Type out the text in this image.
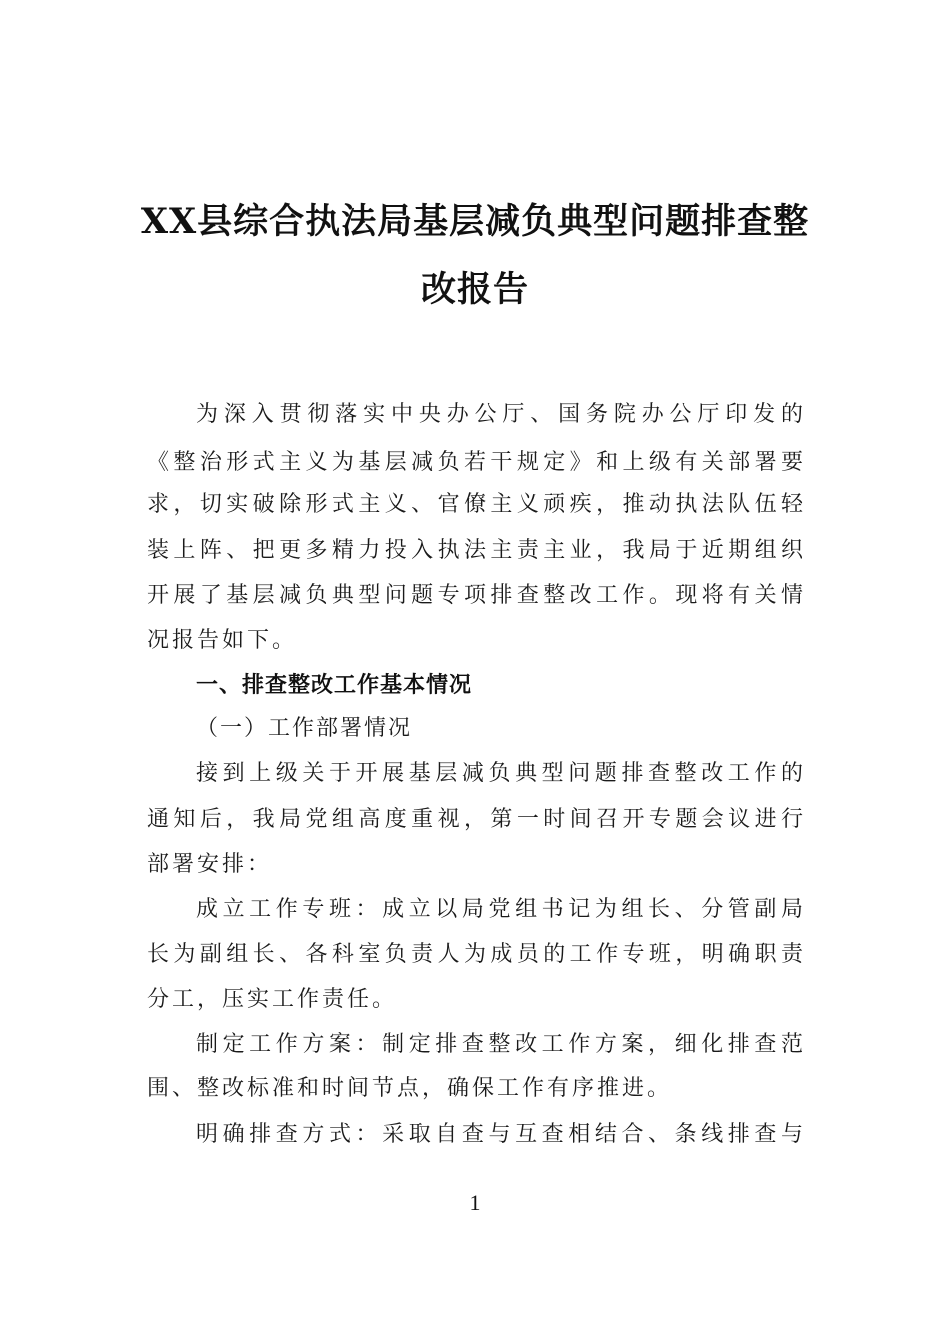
XX县综合执法局基层减负典型问题排查整
改报告
为深入贯彻落实中央办公厅、国务院办公厅印发的
《整治形式主义为基层减负若干规定》和上级有关部署要
求，切实破除形式主义、官僚主义顽疾，推动执法队伍轻
装上阵、把更多精力投入执法主责主业，我局于近期组织
开展了基层减负典型问题专项排查整改工作。现将有关情
况报告如下。
一、排查整改工作基本情况
（一）工作部署情况
接到上级关于开展基层减负典型问题排查整改工作的
通知后，我局党组高度重视，第一时间召开专题会议进行
部署安排：
成立工作专班：成立以局党组书记为组长、分管副局
长为副组长、各科室负责人为成员的工作专班，明确职责
分工，压实工作责任。
制定工作方案：制定排查整改工作方案，细化排查范
围、整改标准和时间节点，确保工作有序推进。
明确排查方式：采取自查与互查相结合、条线排查与
1
